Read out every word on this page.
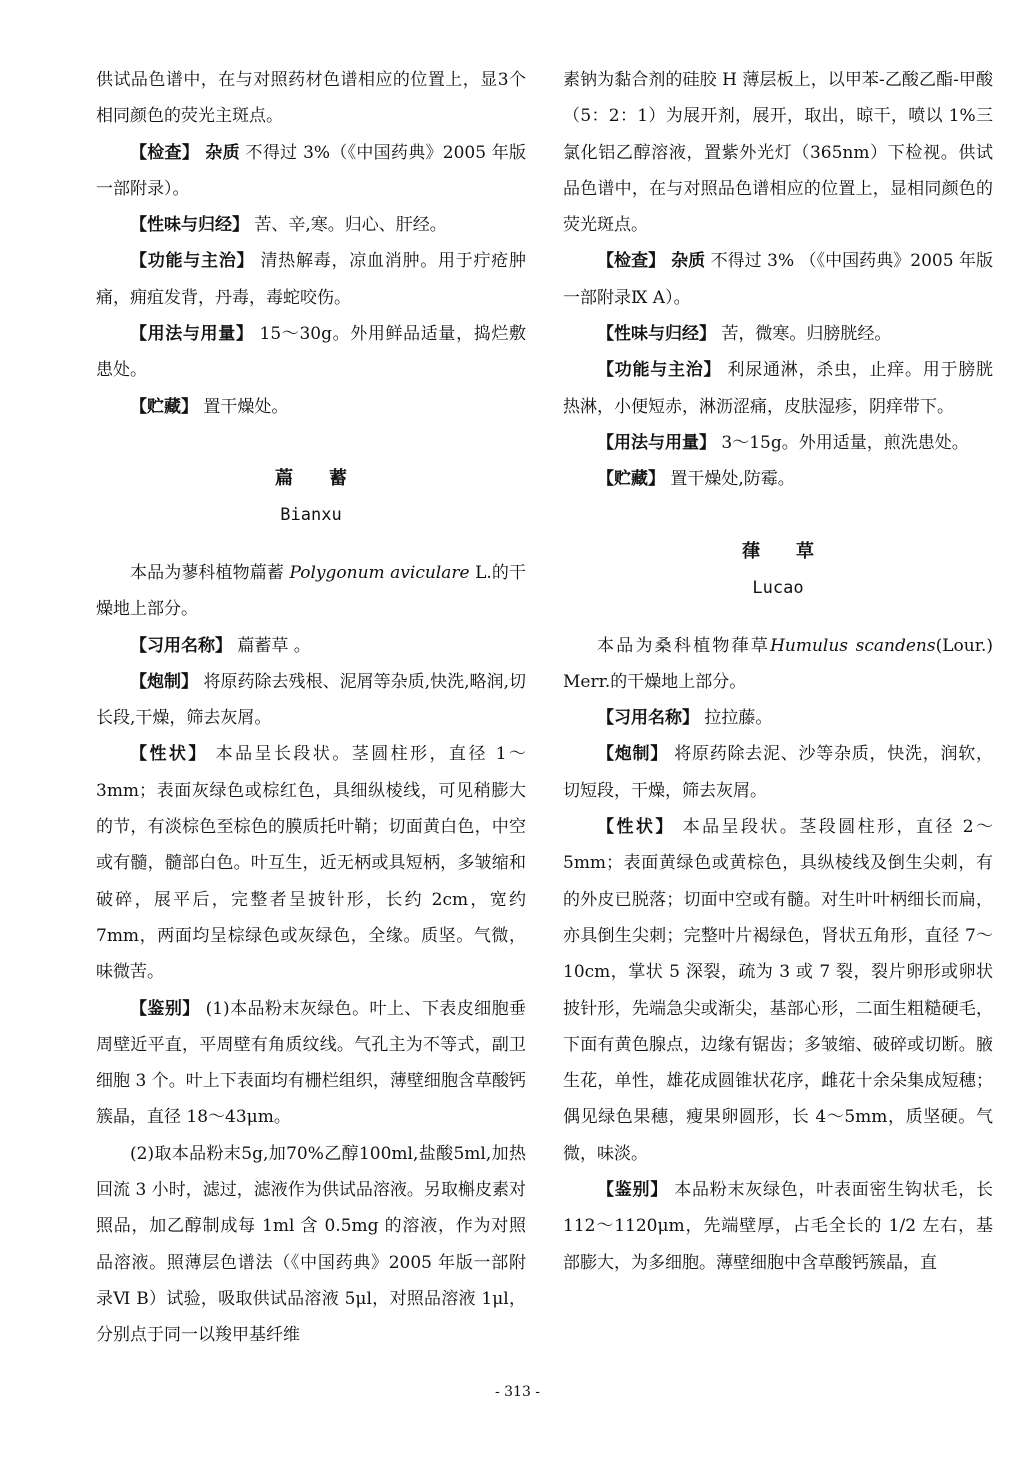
供试品色谱中，在与对照药材色谱相应的位置上，显3个相同颜色的荧光主斑点。

【检查】 杂质 不得过 3%（《中国药典》2005 年版一部附录）。

【性味与归经】 苦、辛,寒。归心、肝经。

【功能与主治】 清热解毒，凉血消肿。用于疔疮肿痛，痈疽发背，丹毒，毒蛇咬伤。

【用法与用量】 15～30g。外用鲜品适量，捣烂敷患处。

【贮藏】 置干燥处。

萹 蓄

Bianxu

本品为蓼科植物萹蓄 Polygonum aviculare L.的干燥地上部分。

【习用名称】 萹蓄草 。

【炮制】 将原药除去残根、泥屑等杂质,快洗,略润,切长段,干燥，筛去灰屑。

【性状】 本品呈长段状。茎圆柱形，直径 1～3mm；表面灰绿色或棕红色，具细纵棱线，可见稍膨大的节，有淡棕色至棕色的膜质托叶鞘；切面黄白色，中空或有髓，髓部白色。叶互生，近无柄或具短柄，多皱缩和破碎，展平后，完整者呈披针形，长约 2cm，宽约 7mm，两面均呈棕绿色或灰绿色，全缘。质坚。气微，味微苦。

【鉴别】 (1)本品粉末灰绿色。叶上、下表皮细胞垂周壁近平直，平周壁有角质纹线。气孔主为不等式，副卫细胞 3 个。叶上下表面均有栅栏组织，薄壁细胞含草酸钙簇晶，直径 18～43μm。

(2)取本品粉末5g,加70%乙醇100ml,盐酸5ml,加热回流 3 小时，滤过，滤液作为供试品溶液。另取槲皮素对照品，加乙醇制成每 1ml 含 0.5mg 的溶液，作为对照品溶液。照薄层色谱法（《中国药典》2005 年版一部附录Ⅵ B）试验，吸取供试品溶液 5μl，对照品溶液 1μl，分别点于同一以羧甲基纤维

素钠为黏合剂的硅胶 H 薄层板上，以甲苯-乙酸乙酯-甲酸（5：2：1）为展开剂，展开，取出，晾干，喷以 1%三氯化铝乙醇溶液，置紫外光灯（365nm）下检视。供试品色谱中，在与对照品色谱相应的位置上，显相同颜色的荧光斑点。

【检查】 杂质 不得过 3% （《中国药典》2005 年版一部附录Ⅸ A）。

【性味与归经】 苦，微寒。归膀胱经。

【功能与主治】 利尿通淋，杀虫，止痒。用于膀胱热淋，小便短赤，淋沥涩痛，皮肤湿疹，阴痒带下。

【用法与用量】 3～15g。外用适量，煎洗患处。

【贮藏】 置干燥处,防霉。

葎 草

Lucao

本品为桑科植物葎草Humulus scandens(Lour.) Merr.的干燥地上部分。

【习用名称】 拉拉藤。

【炮制】 将原药除去泥、沙等杂质，快洗，润软，切短段，干燥，筛去灰屑。

【性状】 本品呈段状。茎段圆柱形，直径 2～5mm；表面黄绿色或黄棕色，具纵棱线及倒生尖刺，有的外皮已脱落；切面中空或有髓。对生叶叶柄细长而扁，亦具倒生尖刺；完整叶片褐绿色，肾状五角形，直径 7～10cm，掌状 5 深裂，疏为 3 或 7 裂，裂片卵形或卵状披针形，先端急尖或渐尖，基部心形，二面生粗糙硬毛，下面有黄色腺点，边缘有锯齿；多皱缩、破碎或切断。腋生花，单性，雄花成圆锥状花序，雌花十余朵集成短穗；偶见绿色果穗，瘦果卵圆形，长 4～5mm，质坚硬。气微，味淡。

【鉴别】 本品粉末灰绿色，叶表面密生钩状毛，长 112～1120μm，先端壁厚，占毛全长的 1/2 左右，基部膨大，为多细胞。薄壁细胞中含草酸钙簇晶，直

- 313 -
